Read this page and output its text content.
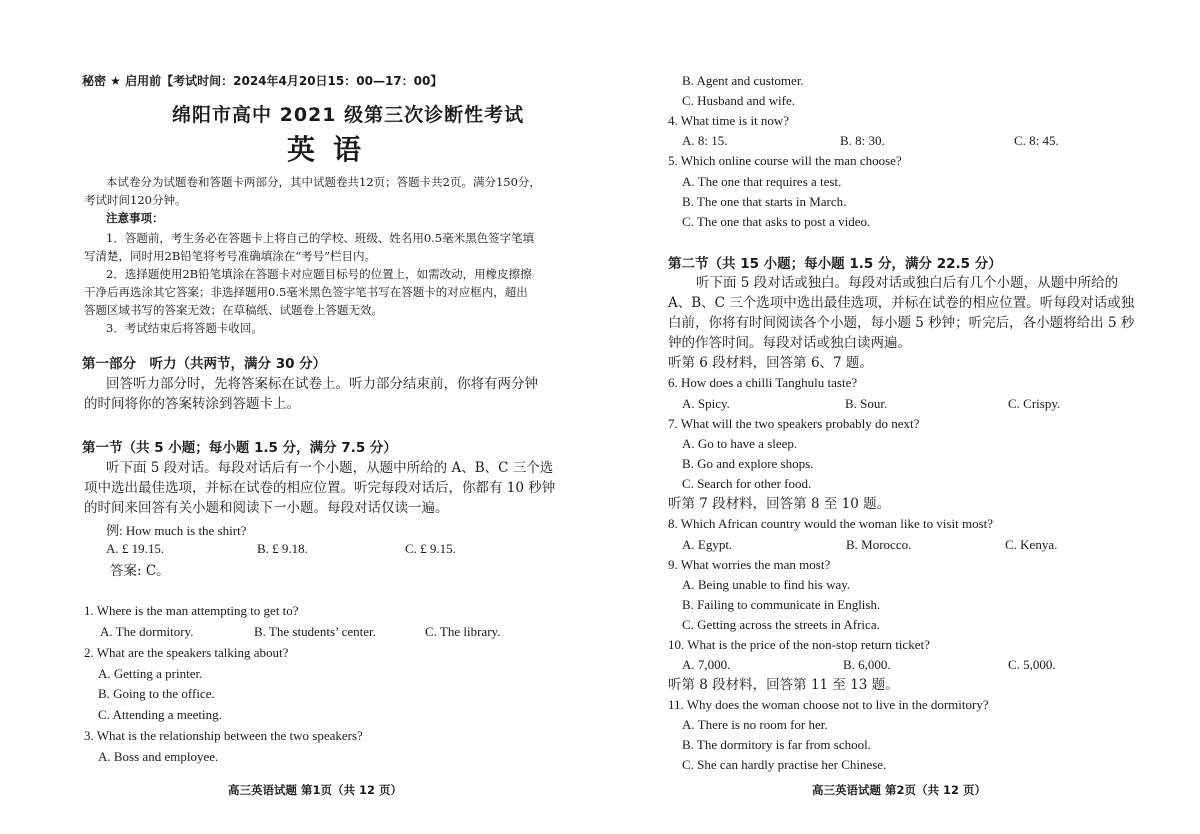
秘密 ★ 启用前【考试时间：2024年4月20日15：00—17：00】
绵阳市高中 2021 级第三次诊断性考试
英语
本试卷分为试题卷和答题卡两部分，其中试题卷共12页；答题卡共2页。满分150分，
考试时间120分钟。
注意事项：
1．答题前，考生务必在答题卡上将自己的学校、班级、姓名用0.5毫米黑色签字笔填
写清楚，同时用2B铅笔将考号准确填涂在“考号”栏目内。
2．选择题使用2B铅笔填涂在答题卡对应题目标号的位置上，如需改动，用橡皮擦擦
干净后再选涂其它答案；非选择题用0.5毫米黑色签字笔书写在答题卡的对应框内，超出
答题区域书写的答案无效；在草稿纸、试题卷上答题无效。
3．考试结束后将答题卡收回。
第一部分　听力（共两节，满分 30 分）
回答听力部分时，先将答案标在试卷上。听力部分结束前，你将有两分钟
的时间将你的答案转涂到答题卡上。
第一节（共 5 小题；每小题 1.5 分，满分 7.5 分）
听下面 5 段对话。每段对话后有一个小题，从题中所给的 A、B、C 三个选
项中选出最佳选项，并标在试卷的相应位置。听完每段对话后，你都有 10 秒钟
的时间来回答有关小题和阅读下一小题。每段对话仅读一遍。
例: How much is the shirt?
A. £ 19.15.	B. £ 9.18.	C. £ 9.15.
答案: C。
1. Where is the man attempting to get to?
A. The dormitory.	B. The students’ center.	C. The library.
2. What are the speakers talking about?
A. Getting a printer.
B. Going to the office.
C. Attending a meeting.
3. What is the relationship between the two speakers?
A. Boss and employee.
高三英语试题 第1页（共 12 页）
B. Agent and customer.
C. Husband and wife.
4. What time is it now?
A. 8: 15.	B. 8: 30.	C. 8: 45.
5. Which online course will the man choose?
A. The one that requires a test.
B. The one that starts in March.
C. The one that asks to post a video.
第二节（共 15 小题；每小题 1.5 分，满分 22.5 分）
听下面 5 段对话或独白。每段对话或独白后有几个小题，从题中所给的
A、B、C 三个选项中选出最佳选项，并标在试卷的相应位置。听每段对话或独
白前，你将有时间阅读各个小题，每小题 5 秒钟；听完后，各小题将给出 5 秒
钟的作答时间。每段对话或独白读两遍。
听第 6 段材料，回答第 6、7 题。
6. How does a chilli Tanghulu taste?
A. Spicy.	B. Sour.	C. Crispy.
7. What will the two speakers probably do next?
A. Go to have a sleep.
B. Go and explore shops.
C. Search for other food.
听第 7 段材料，回答第 8 至 10 题。
8. Which African country would the woman like to visit most?
A. Egypt.	B. Morocco.	C. Kenya.
9. What worries the man most?
A. Being unable to find his way.
B. Failing to communicate in English.
C. Getting across the streets in Africa.
10. What is the price of the non-stop return ticket?
A. 7,000.	B. 6,000.	C. 5,000.
听第 8 段材料，回答第 11 至 13 题。
11. Why does the woman choose not to live in the dormitory?
A. There is no room for her.
B. The dormitory is far from school.
C. She can hardly practise her Chinese.
高三英语试题 第2页（共 12 页）
